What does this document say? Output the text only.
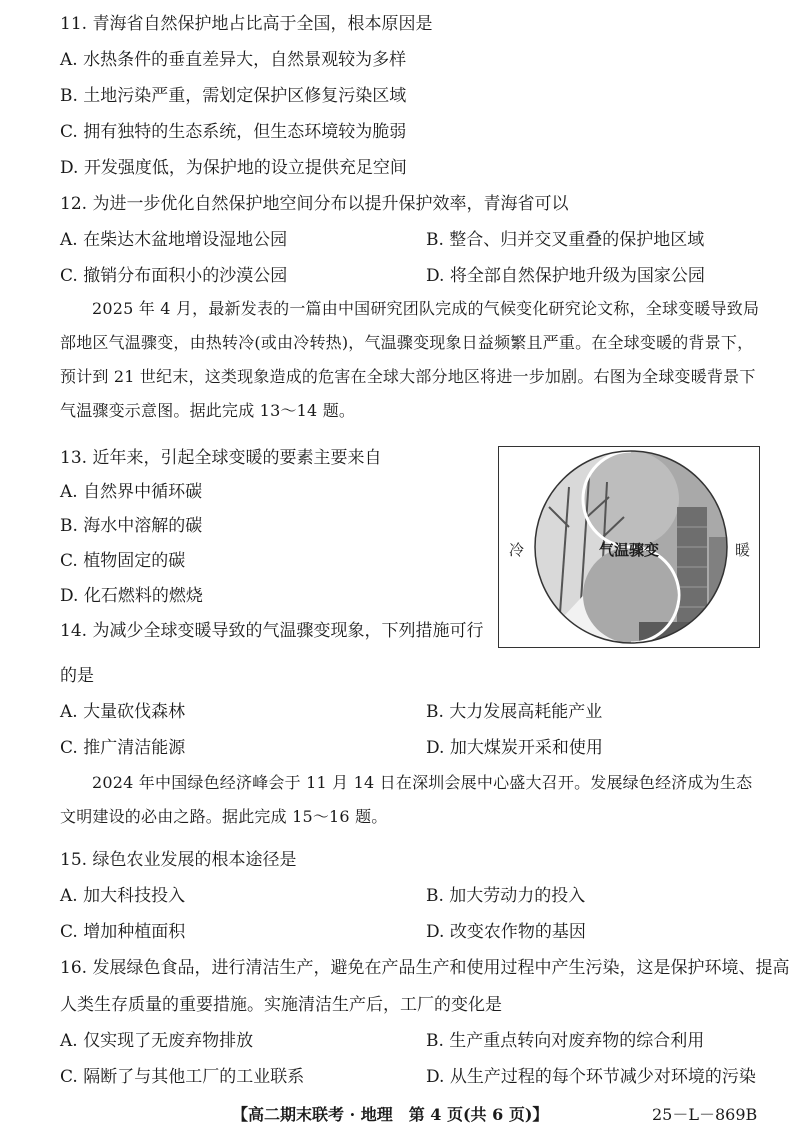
11. 青海省自然保护地占比高于全国，根本原因是
A. 水热条件的垂直差异大，自然景观较为多样
B. 土地污染严重，需划定保护区修复污染区域
C. 拥有独特的生态系统，但生态环境较为脆弱
D. 开发强度低，为保护地的设立提供充足空间
12. 为进一步优化自然保护地空间分布以提升保护效率，青海省可以
A. 在柴达木盆地增设湿地公园	B. 整合、归并交叉重叠的保护地区域
C. 撤销分布面积小的沙漠公园	D. 将全部自然保护地升级为国家公园
2025 年 4 月，最新发表的一篇由中国研究团队完成的气候变化研究论文称，全球变暖导致局部地区气温骤变，由热转冷(或由冷转热)，气温骤变现象日益频繁且严重。在全球变暖的背景下，预计到 21 世纪末，这类现象造成的危害在全球大部分地区将进一步加剧。右图为全球变暖背景下气温骤变示意图。据此完成 13～14 题。
13. 近年来，引起全球变暖的要素主要来自
A. 自然界中循环碳
B. 海水中溶解的碳
C. 植物固定的碳
D. 化石燃料的燃烧
冷	气温骤变	暖
14. 为减少全球变暖导致的气温骤变现象，下列措施可行
的是
A. 大量砍伐森林	B. 大力发展高耗能产业
C. 推广清洁能源	D. 加大煤炭开采和使用
2024 年中国绿色经济峰会于 11 月 14 日在深圳会展中心盛大召开。发展绿色经济成为生态文明建设的必由之路。据此完成 15～16 题。
15. 绿色农业发展的根本途径是
A. 加大科技投入	B. 加大劳动力的投入
C. 增加种植面积	D. 改变农作物的基因
16. 发展绿色食品，进行清洁生产，避免在产品生产和使用过程中产生污染，这是保护环境、提高
人类生存质量的重要措施。实施清洁生产后，工厂的变化是
A. 仅实现了无废弃物排放	B. 生产重点转向对废弃物的综合利用
C. 隔断了与其他工厂的工业联系	D. 从生产过程的每个环节减少对环境的污染
【高二期末联考 · 地理　第 4 页(共 6 页)】	25－L－869B
